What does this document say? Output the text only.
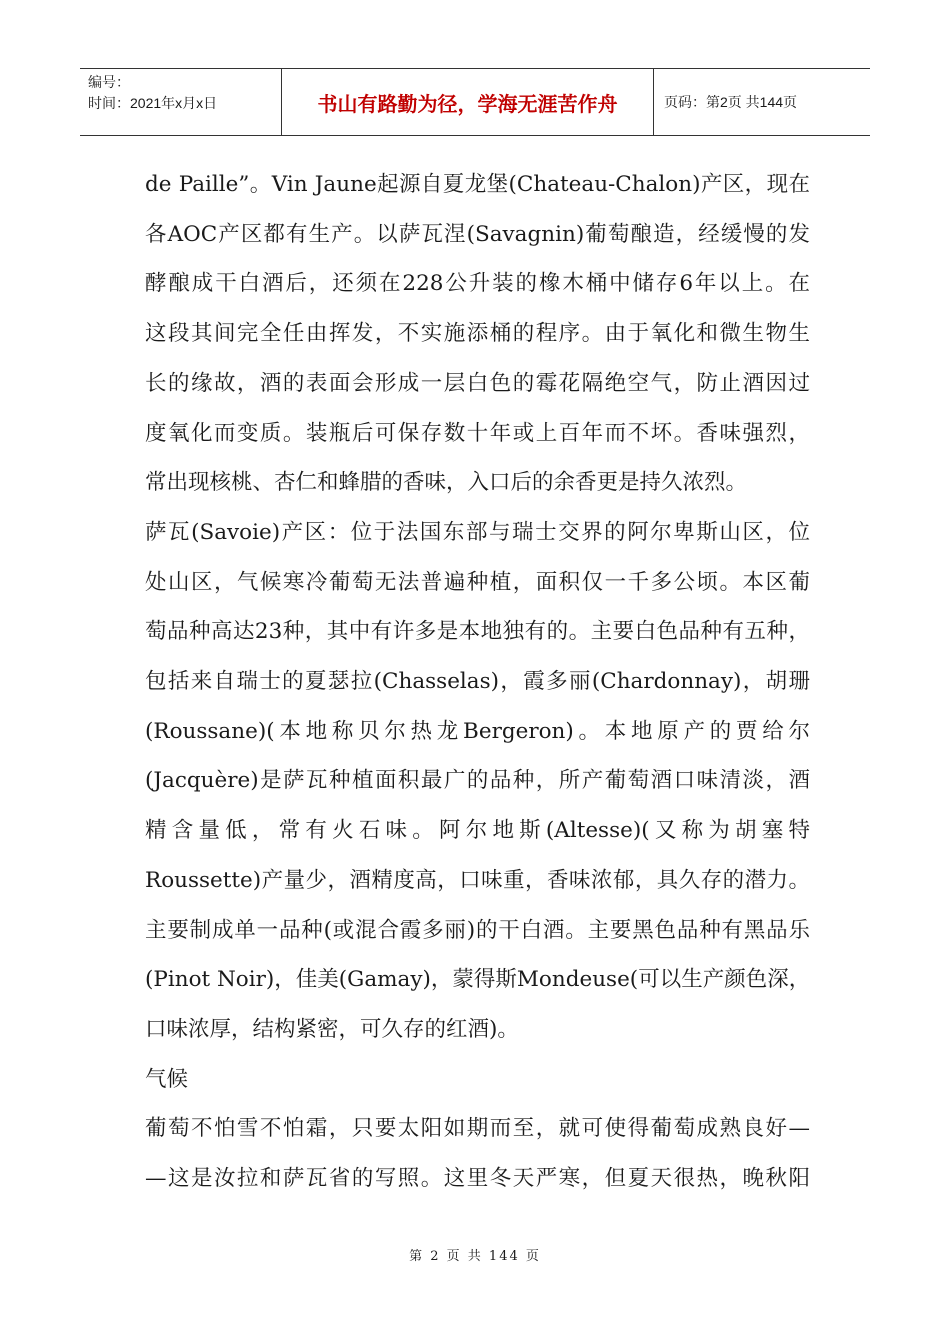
编号：
时间：2021年x月x日	书山有路勤为径，学海无涯苦作舟	页码：第2页 共144页
de Paille”。Vin Jaune起源自夏龙堡(Chateau-Chalon)产区，现在
各AOC产区都有生产。以萨瓦涅(Savagnin)葡萄酿造，经缓慢的发
酵酿成干白酒后，还须在228公升装的橡木桶中储存6年以上。在
这段其间完全任由挥发，不实施添桶的程序。由于氧化和微生物生
长的缘故，酒的表面会形成一层白色的霉花隔绝空气，防止酒因过
度氧化而变质。装瓶后可保存数十年或上百年而不坏。香味强烈，
常出现核桃、杏仁和蜂腊的香味，入口后的余香更是持久浓烈。
萨瓦(Savoie)产区：位于法国东部与瑞士交界的阿尔卑斯山区，位
处山区，气候寒冷葡萄无法普遍种植，面积仅一千多公顷。本区葡
萄品种高达23种，其中有许多是本地独有的。主要白色品种有五种，
包括来自瑞士的夏瑟拉(Chasselas)，霞多丽(Chardonnay)，胡珊
(Roussane)(本地称贝尔热龙Bergeron)。本地原产的贾给尔
(Jacquère)是萨瓦种植面积最广的品种，所产葡萄酒口味清淡，酒
精含量低，常有火石味。阿尔地斯(Altesse)(又称为胡塞特
Roussette)产量少，酒精度高，口味重，香味浓郁，具久存的潜力。
主要制成单一品种(或混合霞多丽)的干白酒。主要黑色品种有黑品乐
(Pinot Noir)，佳美(Gamay)，蒙得斯Mondeuse(可以生产颜色深，
口味浓厚，结构紧密，可久存的红酒)。
气候
葡萄不怕雪不怕霜，只要太阳如期而至，就可使得葡萄成熟良好—
—这是汝拉和萨瓦省的写照。这里冬天严寒，但夏天很热，晚秋阳
第 2 页 共 144 页
